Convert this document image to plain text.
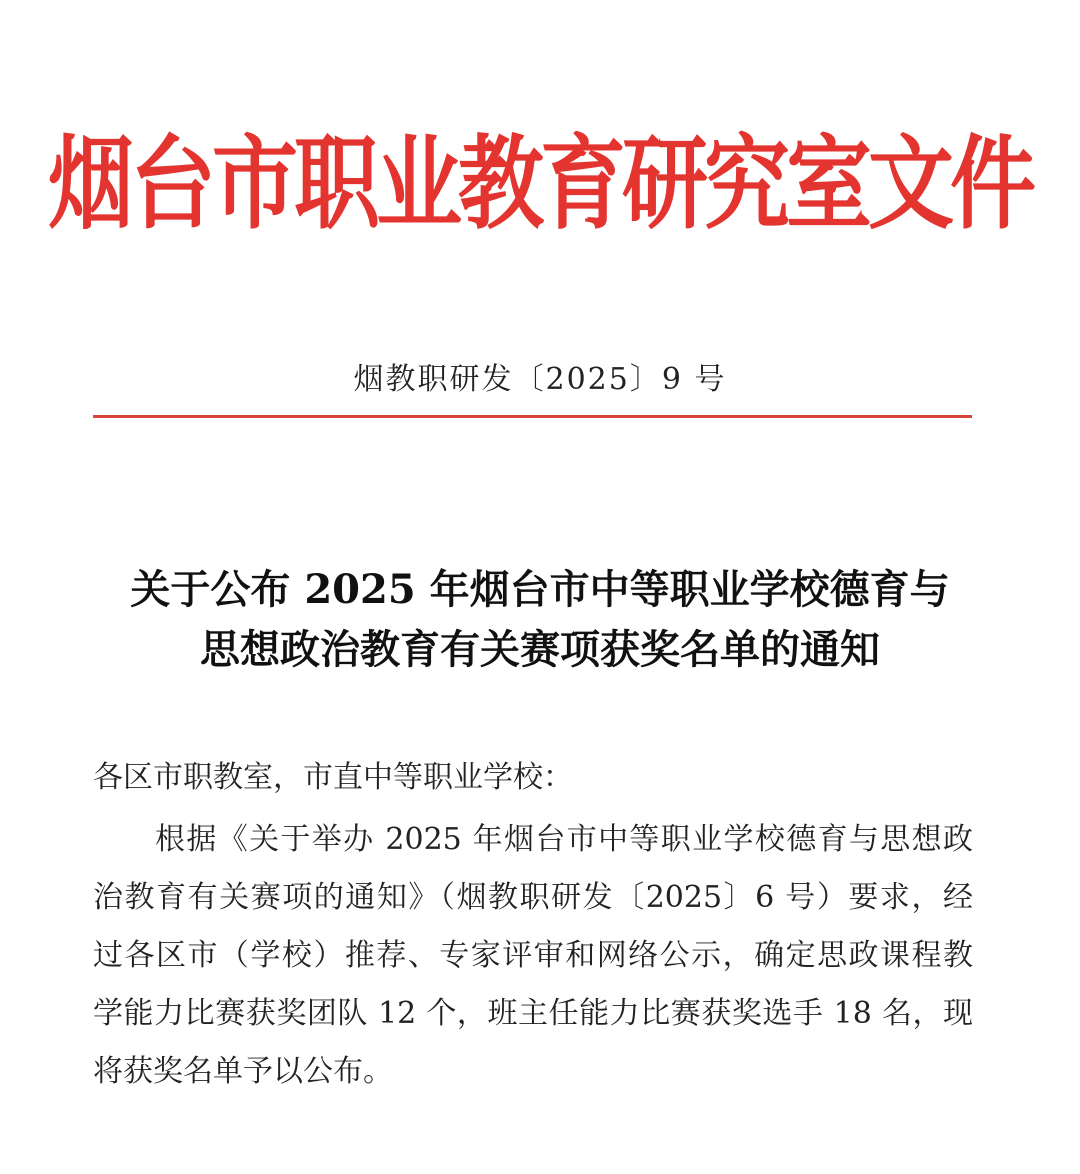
烟台市职业教育研究室文件
烟教职研发〔2025〕9 号
关于公布 2025 年烟台市中等职业学校德育与
思想政治教育有关赛项获奖名单的通知
各区市职教室，市直中等职业学校：
根据《关于举办 2025 年烟台市中等职业学校德育与思想政
治教育有关赛项的通知》（烟教职研发〔2025〕6 号）要求，经
过各区市（学校）推荐、专家评审和网络公示，确定思政课程教
学能力比赛获奖团队 12 个，班主任能力比赛获奖选手 18 名，现
将获奖名单予以公布。
